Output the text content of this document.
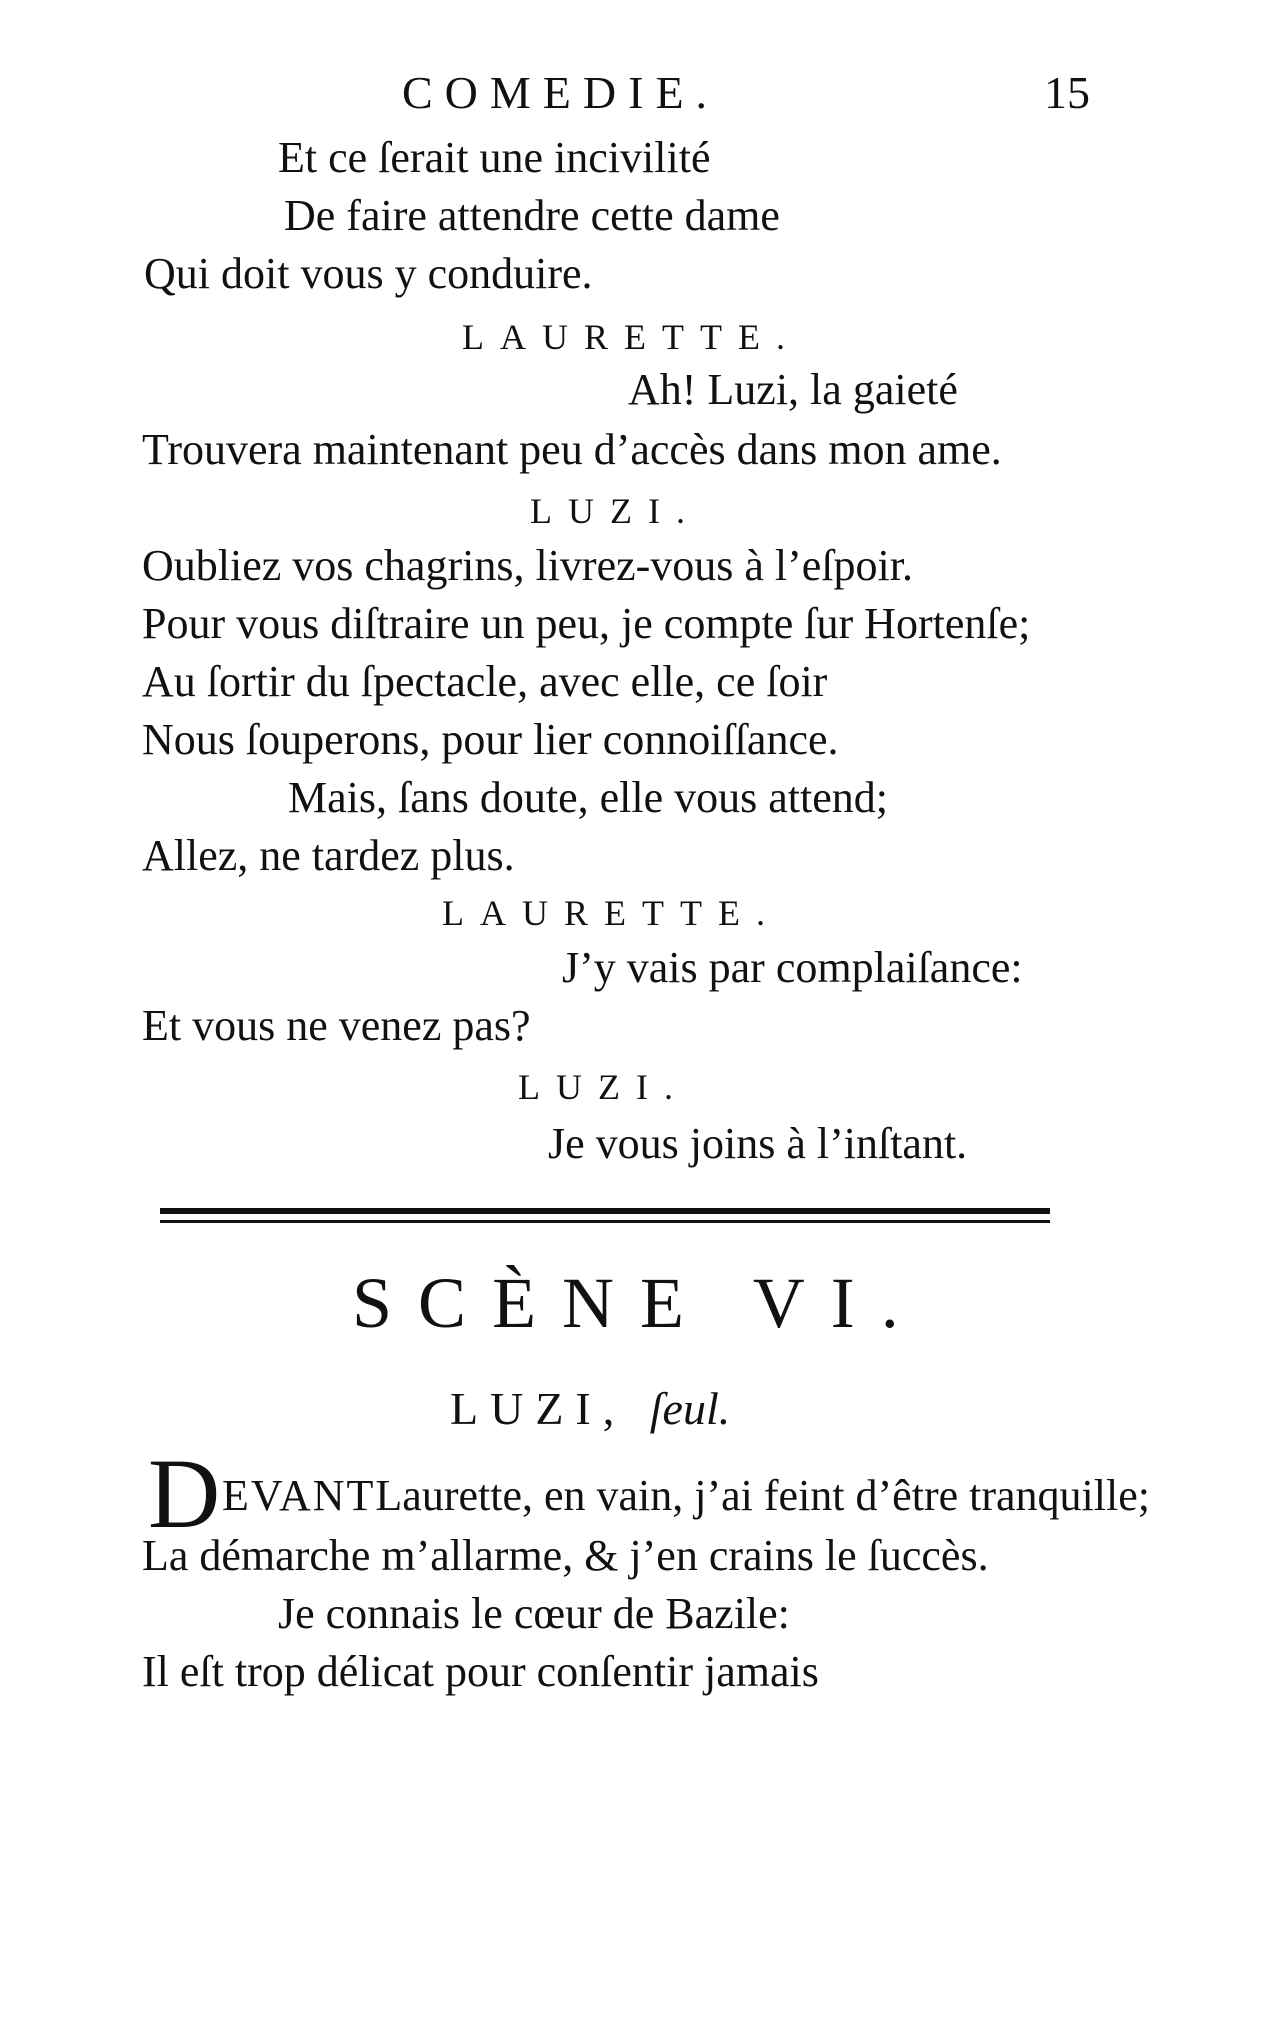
COMEDIE.	15
Et ce ſerait une incivilité
De faire attendre cette dame
Qui doit vous y conduire.
LAURETTE.
Ah! Luzi, la gaieté
Trouvera maintenant peu d’accès dans mon ame.
LUZI.
Oubliez vos chagrins, livrez-vous à l’eſpoir.
Pour vous diſtraire un peu, je compte ſur Hortenſe;
Au ſortir du ſpectacle, avec elle, ce ſoir
Nous ſouperons, pour lier connoiſſance.
Mais, ſans doute, elle vous attend;
Allez, ne tardez plus.
LAURETTE.
J’y vais par complaiſance:
Et vous ne venez pas?
LUZI.
Je vous joins à l’inſtant.
SCÈNE VI.
LUZI, ſeul.
D EVANTLaurette, en vain, j’ai feint d’être tranquille;
La démarche m’allarme, & j’en crains le ſuccès.
Je connais le cœur de Bazile:
Il eſt trop délicat pour conſentir jamais
